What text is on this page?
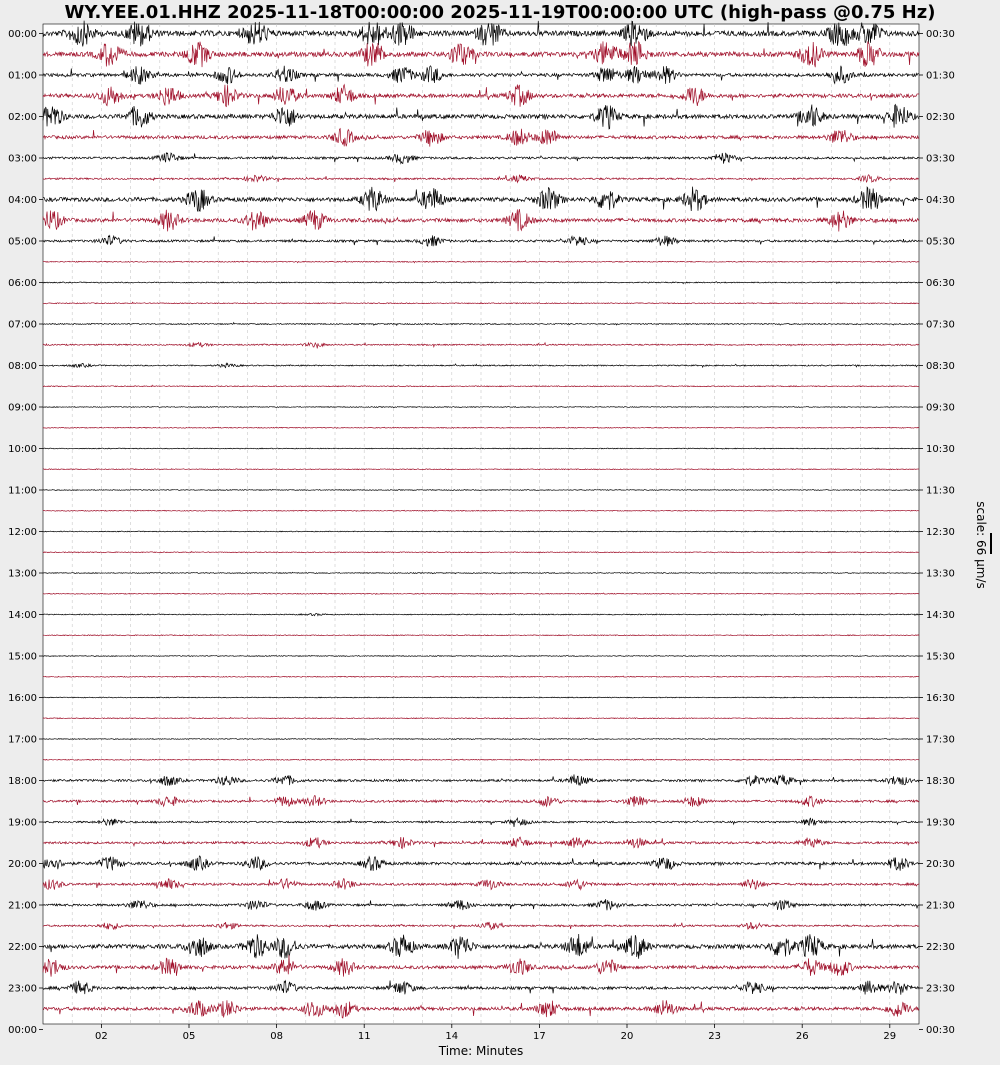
00:00
01:00
02:00
03:00
04:00
05:00
06:00
07:00
08:00
09:00
10:00
11:00
12:00
13:00
14:00
15:00
16:00
17:00
18:00
19:00
20:00
21:00
22:00
23:00
00:00
00:30
01:30
02:30
03:30
04:30
05:30
06:30
07:30
08:30
09:30
10:30
11:30
12:30
13:30
14:30
15:30
16:30
17:30
18:30
19:30
20:30
21:30
22:30
23:30
00:30
02	05	08	11	14	17	20	23	26	29
WY.YEE.01.HHZ 2025-11-18T00:00:00 2025-11-19T00:00:00 UTC (high-pass @0.75 Hz)
Time: Minutes
scale: 66 µm/s
